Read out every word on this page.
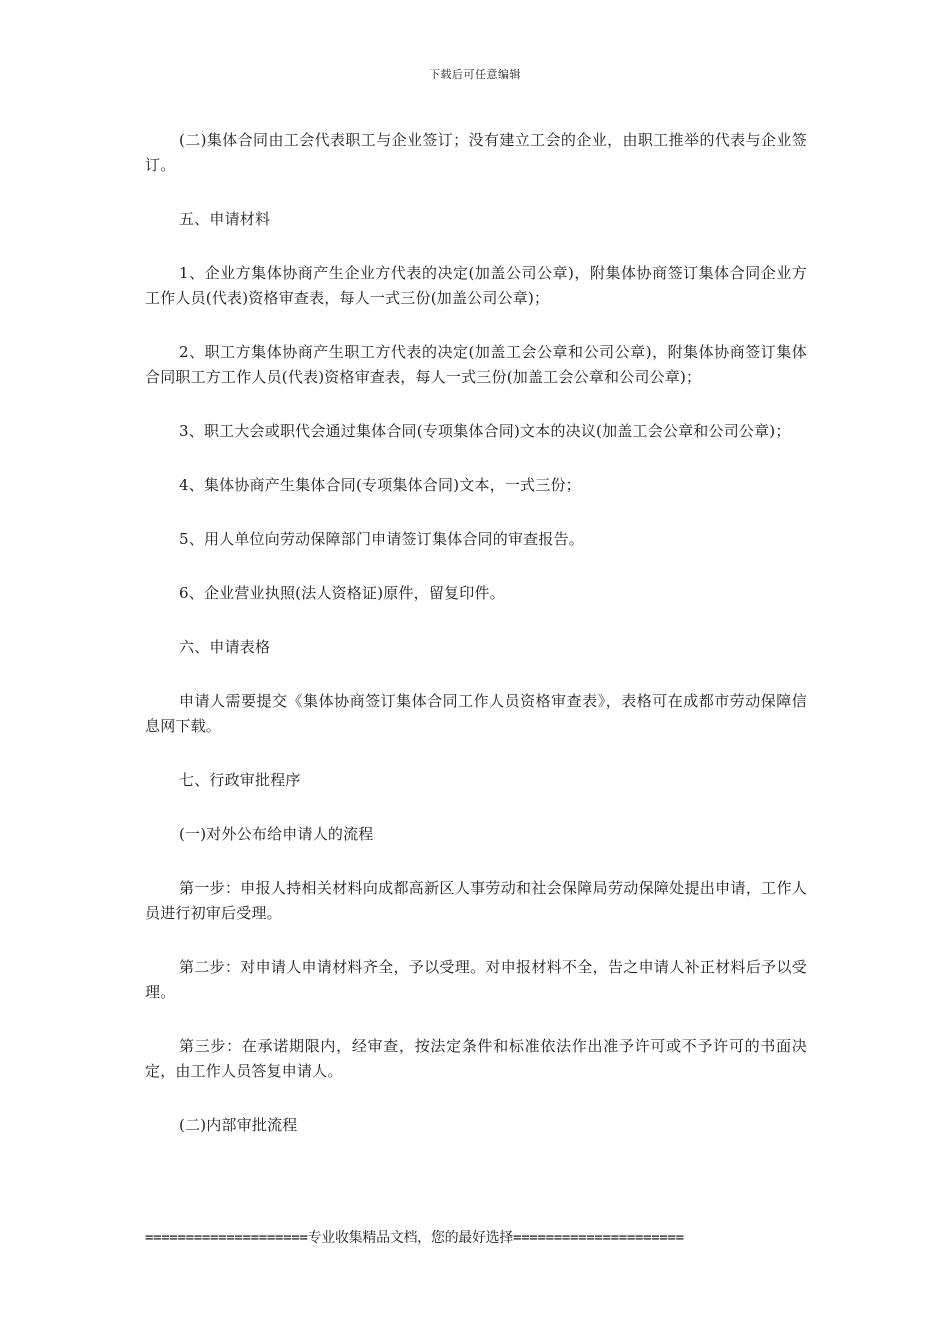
下载后可任意编辑

(二)集体合同由工会代表职工与企业签订；没有建立工会的企业，由职工推举的代表与企业签订。

五、申请材料

1、企业方集体协商产生企业方代表的决定(加盖公司公章)，附集体协商签订集体合同企业方工作人员(代表)资格审查表，每人一式三份(加盖公司公章)；

2、职工方集体协商产生职工方代表的决定(加盖工会公章和公司公章)，附集体协商签订集体合同职工方工作人员(代表)资格审查表，每人一式三份(加盖工会公章和公司公章)；

3、职工大会或职代会通过集体合同(专项集体合同)文本的决议(加盖工会公章和公司公章)；

4、集体协商产生集体合同(专项集体合同)文本，一式三份；

5、用人单位向劳动保障部门申请签订集体合同的审查报告。

6、企业营业执照(法人资格证)原件，留复印件。

六、申请表格

申请人需要提交《集体协商签订集体合同工作人员资格审查表》，表格可在成都市劳动保障信息网下载。

七、行政审批程序

(一)对外公布给申请人的流程

第一步：申报人持相关材料向成都高新区人事劳动和社会保障局劳动保障处提出申请，工作人员进行初审后受理。

第二步：对申请人申请材料齐全，予以受理。对申报材料不全，告之申请人补正材料后予以受理。

第三步：在承诺期限内，经审查，按法定条件和标准依法作出准予许可或不予许可的书面决定，由工作人员答复申请人。

(二)内部审批流程

====================专业收集精品文档，您的最好选择=====================
